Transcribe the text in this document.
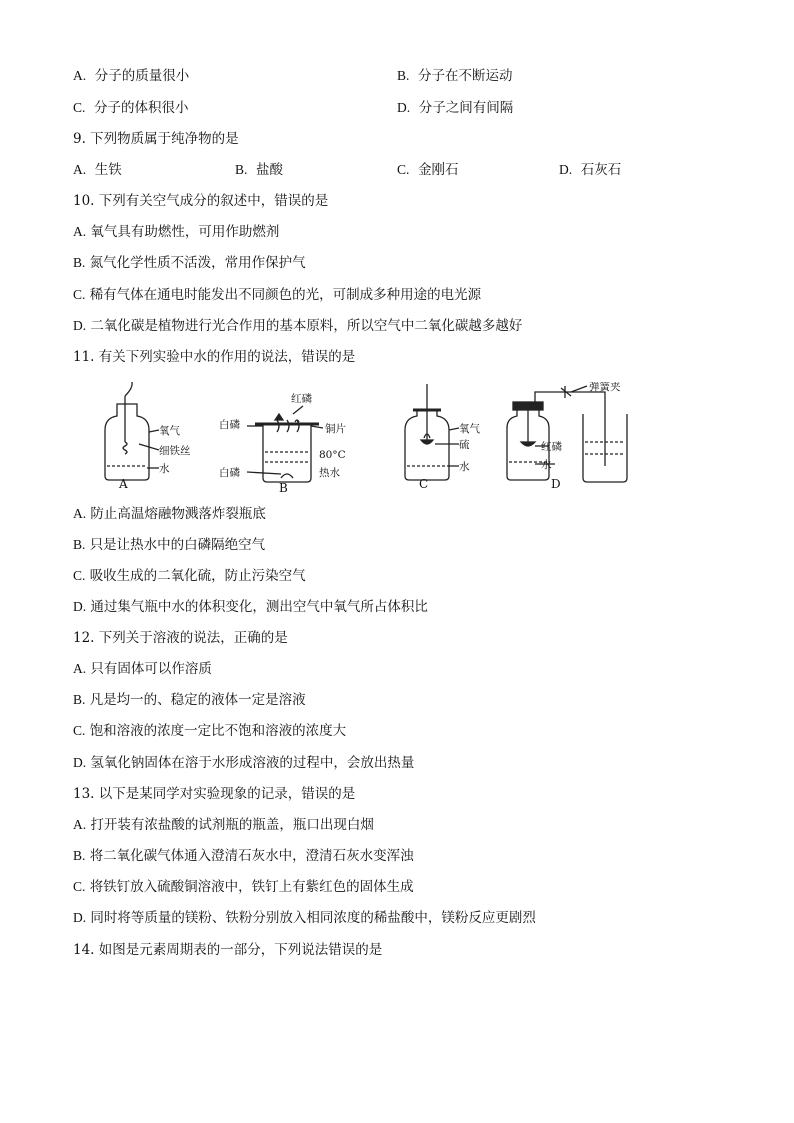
A. 分子的质量很小	B. 分子在不断运动
C. 分子的体积很小	D. 分子之间有间隔
9. 下列物质属于纯净物的是
A. 生铁	B. 盐酸	C. 金刚石	D. 石灰石
10. 下列有关空气成分的叙述中，错误的是
A. 氧气具有助燃性，可用作助燃剂
B. 氮气化学性质不活泼，常用作保护气
C. 稀有气体在通电时能发出不同颜色的光，可制成多种用途的电光源
D. 二氧化碳是植物进行光合作用的基本原料，所以空气中二氧化碳越多越好
11. 有关下列实验中水的作用的说法，错误的是
氧气
细铁丝
水
A
白磷
红磷
铜片
80°C
白磷	热水
B
氧气
硫
水
C
弹簧夹
红磷
水
D
A. 防止高温熔融物溅落炸裂瓶底
B. 只是让热水中的白磷隔绝空气
C. 吸收生成的二氧化硫，防止污染空气
D. 通过集气瓶中水的体积变化，测出空气中氧气所占体积比
12. 下列关于溶液的说法，正确的是
A. 只有固体可以作溶质
B. 凡是均一的、稳定的液体一定是溶液
C. 饱和溶液的浓度一定比不饱和溶液的浓度大
D. 氢氧化钠固体在溶于水形成溶液的过程中，会放出热量
13. 以下是某同学对实验现象的记录，错误的是
A. 打开装有浓盐酸的试剂瓶的瓶盖，瓶口出现白烟
B. 将二氧化碳气体通入澄清石灰水中，澄清石灰水变浑浊
C. 将铁钉放入硫酸铜溶液中，铁钉上有紫红色的固体生成
D. 同时将等质量的镁粉、铁粉分别放入相同浓度的稀盐酸中，镁粉反应更剧烈
14. 如图是元素周期表的一部分，下列说法错误的是
